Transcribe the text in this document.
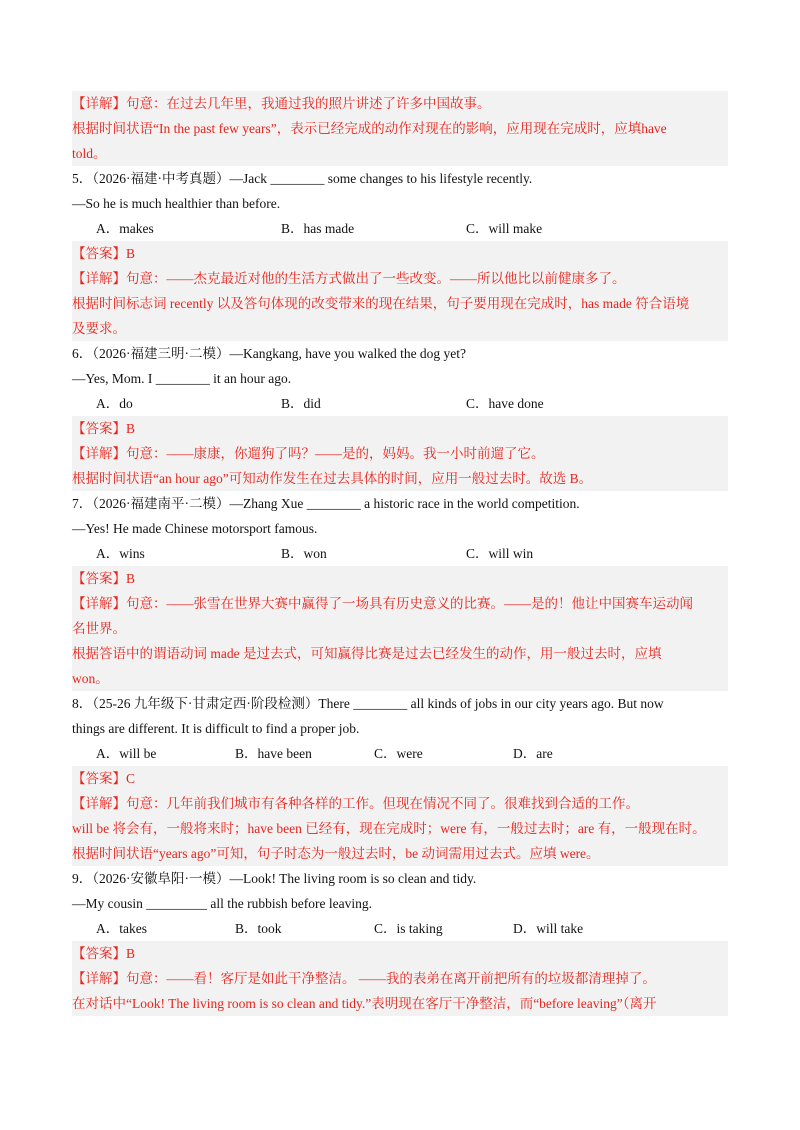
【详解】句意：在过去几年里，我通过我的照片讲述了许多中国故事。
根据时间状语“In the past few years”，表示已经完成的动作对现在的影响，应用现在完成时，应填have
told。
5．（2026·福建·中考真题）—Jack ________ some changes to his lifestyle recently.
—So he is much healthier than before.
A．makes	B．has made	C．will make
【答案】B
【详解】句意：——杰克最近对他的生活方式做出了一些改变。——所以他比以前健康多了。
根据时间标志词 recently 以及答句体现的改变带来的现在结果，句子要用现在完成时，has made 符合语境
及要求。
6．（2026·福建三明·二模）—Kangkang, have you walked the dog yet?
—Yes, Mom. I ________ it an hour ago.
A．do	B．did	C．have done
【答案】B
【详解】句意：——康康，你遛狗了吗？——是的，妈妈。我一小时前遛了它。
根据时间状语“an hour ago”可知动作发生在过去具体的时间，应用一般过去时。故选 B。
7．（2026·福建南平·二模）—Zhang Xue ________ a historic race in the world competition.
—Yes! He made Chinese motorsport famous.
A．wins	B．won	C．will win
【答案】B
【详解】句意：——张雪在世界大赛中赢得了一场具有历史意义的比赛。——是的！他让中国赛车运动闻
名世界。
根据答语中的谓语动词 made 是过去式，可知赢得比赛是过去已经发生的动作，用一般过去时，应填
won。
8．（25-26 九年级下·甘肃定西·阶段检测）There ________ all kinds of jobs in our city years ago. But now
things are different. It is difficult to find a proper job.
A．will be	B．have been	C．were	D．are
【答案】C
【详解】句意：几年前我们城市有各种各样的工作。但现在情况不同了。很难找到合适的工作。
will be 将会有，一般将来时；have been 已经有，现在完成时；were 有，一般过去时；are 有，一般现在时。
根据时间状语“years ago”可知，句子时态为一般过去时，be 动词需用过去式。应填 were。
9．（2026·安徽阜阳·一模）—Look! The living room is so clean and tidy.
—My cousin _________ all the rubbish before leaving.
A．takes	B．took	C．is taking	D．will take
【答案】B
【详解】句意：——看！客厅是如此干净整洁。 ——我的表弟在离开前把所有的垃圾都清理掉了。
在对话中“Look! The living room is so clean and tidy.”表明现在客厅干净整洁，而“before leaving”（离开
